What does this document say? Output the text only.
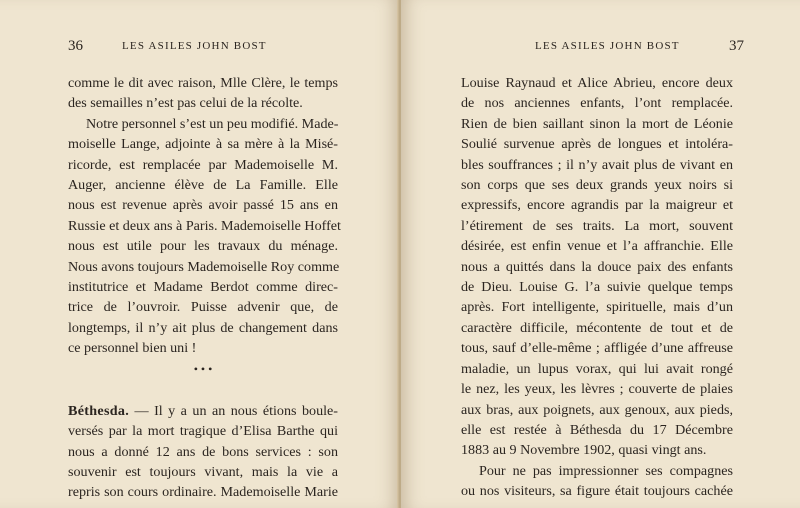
36	LES ASILES JOHN BOST
comme le dit avec raison, Mlle Clère, le temps
des semailles n’est pas celui de la récolte.
Notre personnel s’est un peu modifié. Made-
moiselle Lange, adjointe à sa mère à la Misé-
ricorde, est remplacée par Mademoiselle M.
Auger, ancienne élève de La Famille. Elle
nous est revenue après avoir passé 15 ans en
Russie et deux ans à Paris. Mademoiselle Hoffet
nous est utile pour les travaux du ménage.
Nous avons toujours Mademoiselle Roy comme
institutrice et Madame Berdot comme direc-
trice de l’ouvroir. Puisse advenir que, de
longtemps, il n’y ait plus de changement dans
ce personnel bien uni !
• • •
Béthesda. — Il y a un an nous étions boule-
versés par la mort tragique d’Elisa Barthe qui
nous a donné 12 ans de bons services : son
souvenir est toujours vivant, mais la vie a
repris son cours ordinaire. Mademoiselle Marie
LES ASILES JOHN BOST	37
Louise Raynaud et Alice Abrieu, encore deux
de nos anciennes enfants, l’ont remplacée.
Rien de bien saillant sinon la mort de Léonie
Soulié survenue après de longues et intolérа-
bles souffrances ; il n’y avait plus de vivant en
son corps que ses deux grands yeux noirs si
expressifs, encore agrandis par la maigreur et
l’étirement de ses traits. La mort, souvent
désirée, est enfin venue et l’a affranchie. Elle
nous a quittés dans la douce paix des enfants
de Dieu. Louise G. l’a suivie quelque temps
après. Fort intelligente, spirituelle, mais d’un
caractère difficile, mécontente de tout et de
tous, sauf d’elle-même ; affligée d’une affreuse
maladie, un lupus vorax, qui lui avait rongé
le nez, les yeux, les lèvres ; couverte de plaies
aux bras, aux poignets, aux genoux, aux pieds,
elle est restée à Béthesda du 17 Décembre
1883 au 9 Novembre 1902, quasi vingt ans.
Pour ne pas impressionner ses compagnes
ou nos visiteurs, sa figure était toujours cachée
